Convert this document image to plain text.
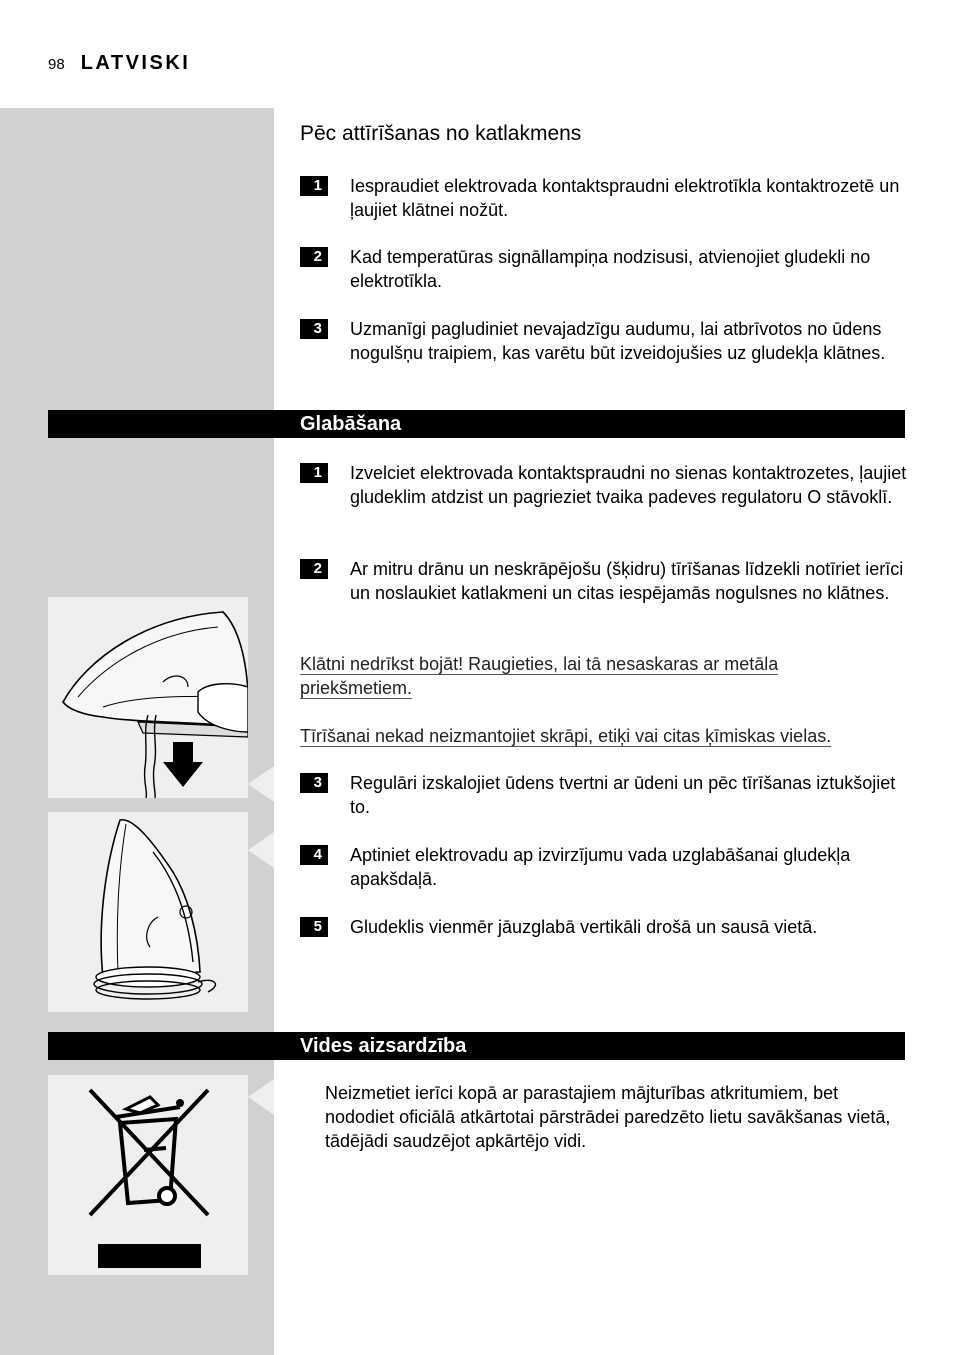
98 LATVISKI
Pēc attīrīšanas no katlakmens
1	Iespraudiet elektrovada kontaktspraudni elektrotīkla kontaktrozetē un ļaujiet klātnei nožūt.
2	Kad temperatūras signāllampiņa nodzisusi, atvienojiet gludekli no elektrotīkla.
3	Uzmanīgi pagludiniet nevajadzīgu audumu, lai atbrīvotos no ūdens nogulšņu traipiem, kas varētu būt izveidojušies uz gludekļa klātnes.
Glabāšana
1	Izvelciet elektrovada kontaktspraudni no sienas kontaktrozetes, ļaujiet gludeklim atdzist un pagrieziet tvaika padeves regulatoru O stāvoklī.
2	Ar mitru drānu un neskrāpējošu (šķidru) tīrīšanas līdzekli notīriet ierīci un noslaukiet katlakmeni un citas iespējamās nogulsnes no klātnes.
Klātni nedrīkst bojāt! Raugieties, lai tā nesaskaras ar metāla priekšmetiem.
Tīrīšanai nekad neizmantojiet skrāpi, etiķi vai citas ķīmiskas vielas.
3	Regulāri izskalojiet ūdens tvertni ar ūdeni un pēc tīrīšanas iztukšojiet to.
4	Aptiniet elektrovadu ap izvirzījumu vada uzglabāšanai gludekļa apakšdaļā.
5	Gludeklis vienmēr jāuzglabā vertikāli drošā un sausā vietā.
Vides aizsardzība
Neizmetiet ierīci kopā ar parastajiem mājturības atkritumiem, bet nododiet oficiālā atkārtotai pārstrādei paredzēto lietu savākšanas vietā, tādējādi saudzējot apkārtējo vidi.
